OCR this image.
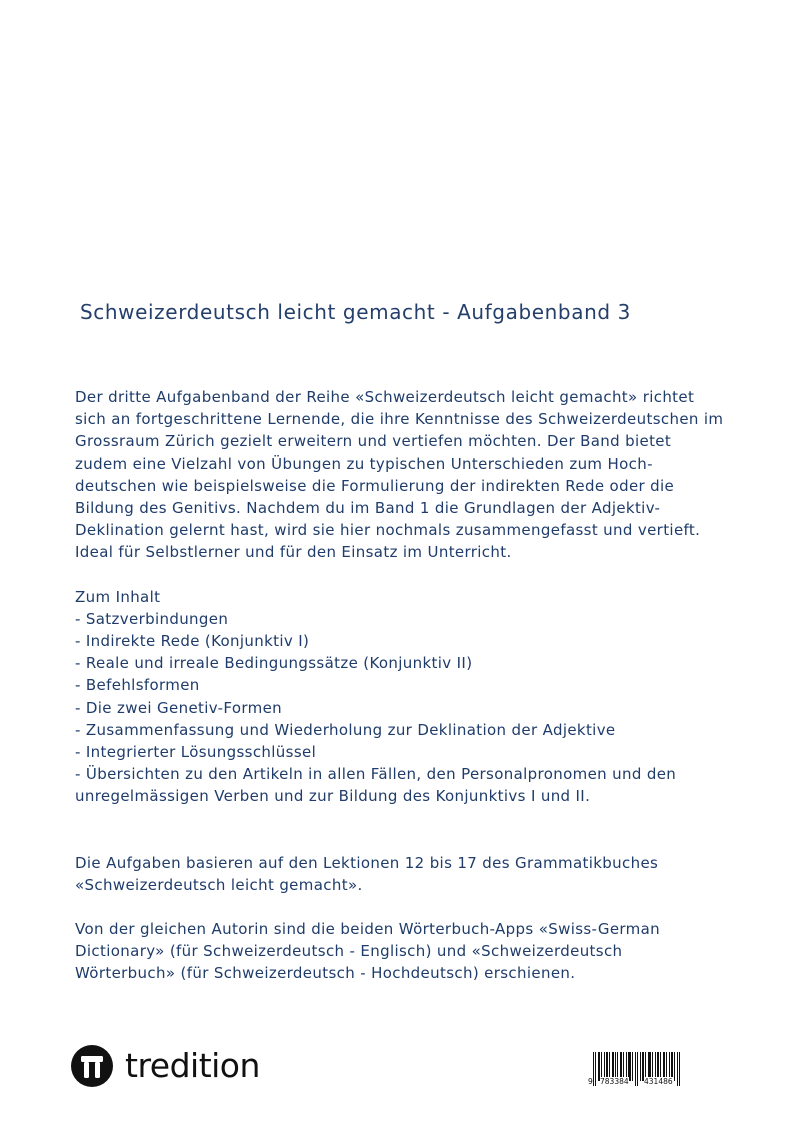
Schweizerdeutsch leicht gemacht - Aufgabenband 3

Der dritte Aufgabenband der Reihe «Schweizerdeutsch leicht gemacht» richtet sich an fortgeschrittene Lernende, die ihre Kenntnisse des Schweizerdeutschen im Grossraum Zürich gezielt erweitern und vertiefen möchten. Der Band bietet zudem eine Vielzahl von Übungen zu typischen Unterschieden zum Hoch-deutschen wie beispielsweise die Formulierung der indirekten Rede oder die Bildung des Genitivs. Nachdem du im Band 1 die Grundlagen der Adjektiv-Deklination gelernt hast, wird sie hier nochmals zusammengefasst und vertieft. Ideal für Selbstlerner und für den Einsatz im Unterricht.

Zum Inhalt

- Satzverbindungen
- Indirekte Rede (Konjunktiv I)
- Reale und irreale Bedingungssätze (Konjunktiv II)
- Befehlsformen
- Die zwei Genetiv-Formen
- Zusammenfassung und Wiederholung zur Deklination der Adjektive
- Integrierter Lösungsschlüssel
- Übersichten zu den Artikeln in allen Fällen, den Personalpronomen und den unregelmässigen Verben und zur Bildung des Konjunktivs I und II.

Die Aufgaben basieren auf den Lektionen 12 bis 17 des Grammatikbuches «Schweizerdeutsch leicht gemacht».

Von der gleichen Autorin sind die beiden Wörterbuch-Apps «Swiss-German Dictionary» (für Schweizerdeutsch - Englisch) und «Schweizerdeutsch Wörterbuch» (für Schweizerdeutsch - Hochdeutsch) erschienen.

tredition	9 783384 431486
